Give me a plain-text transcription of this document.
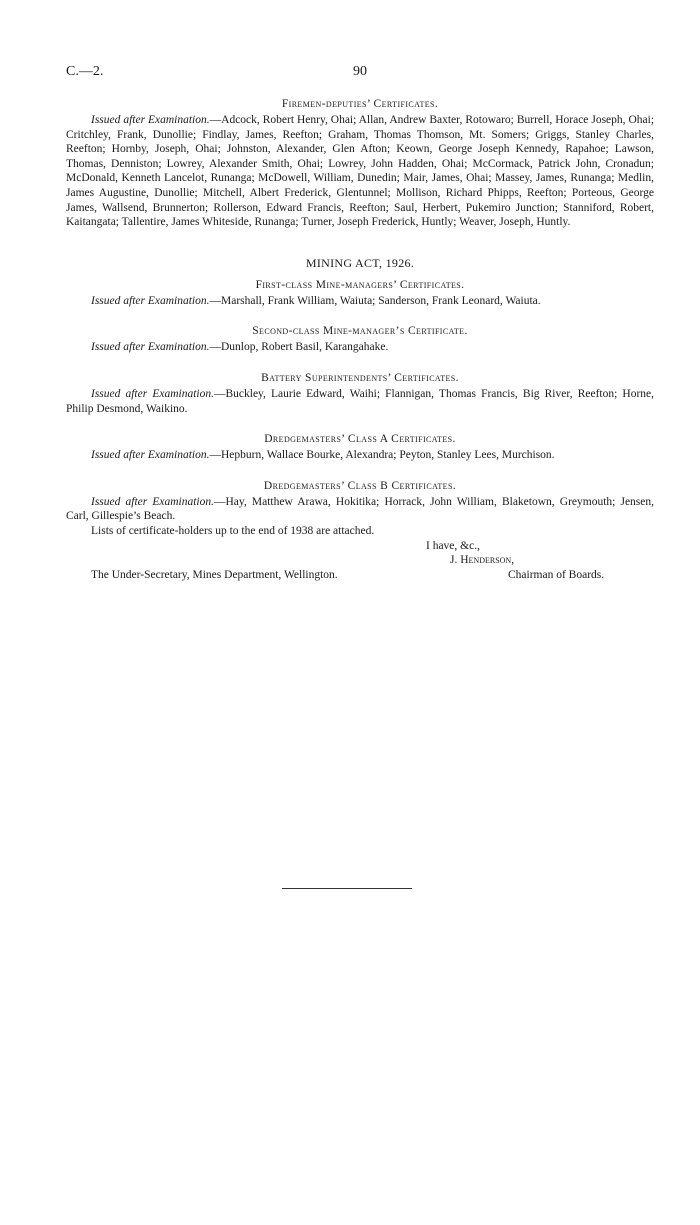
C.—2.	90

Firemen-deputies’ Certificates.

Issued after Examination.—Adcock, Robert Henry, Ohai; Allan, Andrew Baxter, Rotowaro; Burrell, Horace Joseph, Ohai; Critchley, Frank, Dunollie; Findlay, James, Reefton; Graham, Thomas Thomson, Mt. Somers; Griggs, Stanley Charles, Reefton; Hornby, Joseph, Ohai; Johnston, Alexander, Glen Afton; Keown, George Joseph Kennedy, Rapahoe; Lawson, Thomas, Denniston; Lowrey, Alexander Smith, Ohai; Lowrey, John Hadden, Ohai; McCormack, Patrick John, Cronadun; McDonald, Kenneth Lancelot, Runanga; McDowell, William, Dunedin; Mair, James, Ohai; Massey, James, Runanga; Medlin, James Augustine, Dunollie; Mitchell, Albert Frederick, Glentunnel; Mollison, Richard Phipps, Reefton; Porteous, George James, Wallsend, Brunnerton; Rollerson, Edward Francis, Reefton; Saul, Herbert, Pukemiro Junction; Stanniford, Robert, Kaitangata; Tallentire, James Whiteside, Runanga; Turner, Joseph Frederick, Huntly; Weaver, Joseph, Huntly.

MINING ACT, 1926.

First-class Mine-managers’ Certificates.

Issued after Examination.—Marshall, Frank William, Waiuta; Sanderson, Frank Leonard, Waiuta.

Second-class Mine-manager’s Certificate.

Issued after Examination.—Dunlop, Robert Basil, Karangahake.

Battery Superintendents’ Certificates.

Issued after Examination.—Buckley, Laurie Edward, Waihi; Flannigan, Thomas Francis, Big River, Reefton; Horne, Philip Desmond, Waikino.

Dredgemasters’ Class A Certificates.

Issued after Examination.—Hepburn, Wallace Bourke, Alexandra; Peyton, Stanley Lees, Murchison.

Dredgemasters’ Class B Certificates.

Issued after Examination.—Hay, Matthew Arawa, Hokitika; Horrack, John William, Blaketown, Greymouth; Jensen, Carl, Gillespie’s Beach.

Lists of certificate-holders up to the end of 1938 are attached.

I have, &c.,
J. Henderson,
The Under-Secretary, Mines Department, Wellington.	Chairman of Boards.
